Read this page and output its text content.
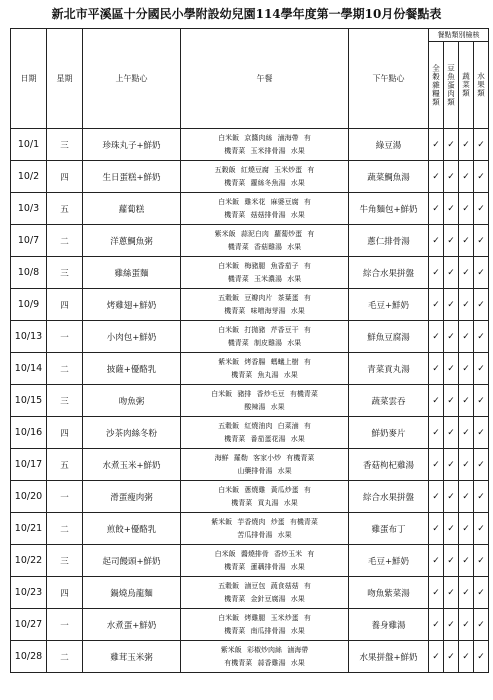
新北市平溪區十分國民小學附設幼兒園114學年度第一學期10月份餐點表
日期	星期	上午點心	午餐	下午點心	餐點類別檢核			
					全穀雜糧類	豆魚蛋肉類	蔬菜類	水果類
10/1	三	珍珠丸子+鮮奶	白米飯 京醬肉絲 滷海帶 有
機青菜 玉米排骨湯 水果	綠豆湯	✓	✓	✓	✓
10/2	四	生日蛋糕+鮮奶	五穀飯 紅燒豆腐 玉米炒蛋 有
機青菜 蘿絲冬魚湯 水果	蔬菜鯛魚湯	✓	✓	✓	✓
10/3	五	蘿蔔糕	白米飯 雞米花 麻婆豆腐 有
機青菜 菇菇排骨湯 水果	牛角麵包+鮮奶	✓	✓	✓	✓
10/7	二	洋蔥鯛魚粥	紫米飯 蒜泥白肉 蘿蔔炒蛋 有
機青菜 香菇雞湯 水果	蔥仁排骨湯	✓	✓	✓	✓
10/8	三	雞絲蛋麵	白米飯 梅豬腿 魚香茄子 有
機青菜 玉米濃湯 水果	綜合水果拼盤	✓	✓	✓	✓
10/9	四	烤雞翅+鮮奶	五穀飯 豆瓣肉片 茶葉蛋 有
機青菜 味噌海芽湯 水果	毛豆+鮮奶	✓	✓	✓	✓
10/13	一	小肉包+鮮奶	白米飯 打拋豬 芹香豆干 有
機青菜 制皮雞湯 水果	鮮魚豆腐湯	✓	✓	✓	✓
10/14	二	披薩+優酪乳	紫米飯 烤香腸 螞蟻上樹 有
機青菜 魚丸湯 水果	青菜貢丸湯	✓	✓	✓	✓
10/15	三	吻魚粥	白米飯 豬排 香炒毛豆 有機青菜
酸辣湯 水果	蔬菜雲吞	✓	✓	✓	✓
10/16	四	沙茶肉絲冬粉	五穀飯 紅燒油肉 白菜滷 有
機青菜 番茄蛋花湯 水果	鮮奶麥片	✓	✓	✓	✓
10/17	五	水煮玉米+鮮奶	海鮮 羅勒 客家小炒 有機青菜
山藥排骨湯 水果	香菇枸杞雞湯	✓	✓	✓	✓
10/20	一	滑蛋瘦肉粥	白米飯 蔥燒雞 黃瓜炒蛋 有
機青菜 貢丸湯 水果	綜合水果拼盤	✓	✓	✓	✓
10/21	二	煎餃+優酪乳	紫米飯 芋香燒肉 炒蛋 有機青菜
苦瓜排骨湯 水果	雞蛋布丁	✓	✓	✓	✓
10/22	三	起司饅頭+鮮奶	白米飯 醬燒排骨 香炒玉米 有
機青菜 蓮藕排骨湯 水果	毛豆+鮮奶	✓	✓	✓	✓
10/23	四	鍋燒烏龍麵	五穀飯 滷豆包 蔬食菇菇 有
機青菜 金針豆腐湯 水果	吻魚紫菜湯	✓	✓	✓	✓
10/27	一	水煮蛋+鮮奶	白米飯 烤雞腿 玉米炒蛋 有
機青菜 南瓜排骨湯 水果	養身雞湯	✓	✓	✓	✓
10/28	二	雞茸玉米粥	紫米飯 彩椒炒肉絲 滷海帶
有機青菜 蒜香雞湯 水果	水果拼盤+鮮奶	✓	✓	✓	✓
